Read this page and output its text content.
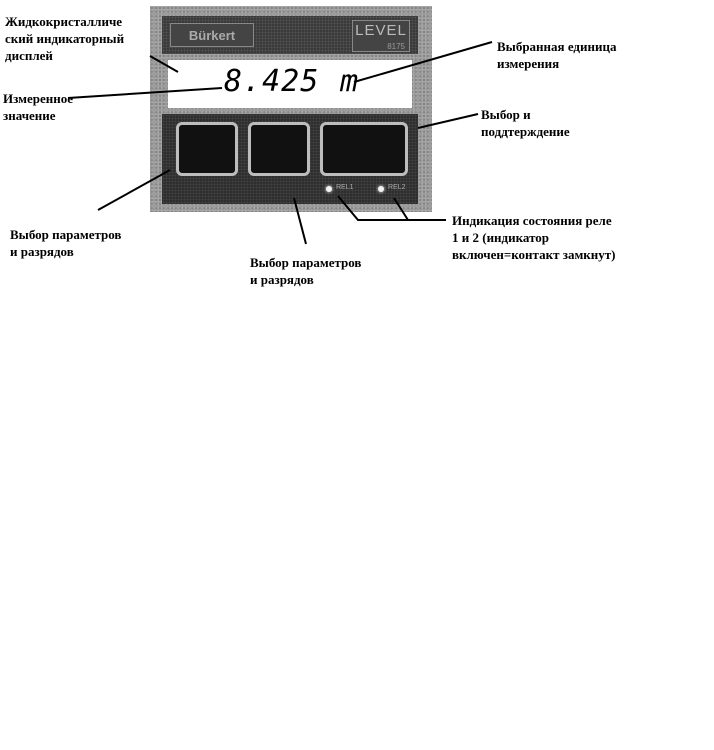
Bürkert	LEVEL
8175
8.425 m
REL1	REL2
Жидкокристалличе
ский индикаторный
дисплей
Измеренное
значение
Выбранная единица
измерения
Выбор и
поддтерждение
Выбор параметров
и разрядов
Выбор параметров
и разрядов
Индикация состояния реле
1 и 2 (индикатор
включен=контакт замкнут)
